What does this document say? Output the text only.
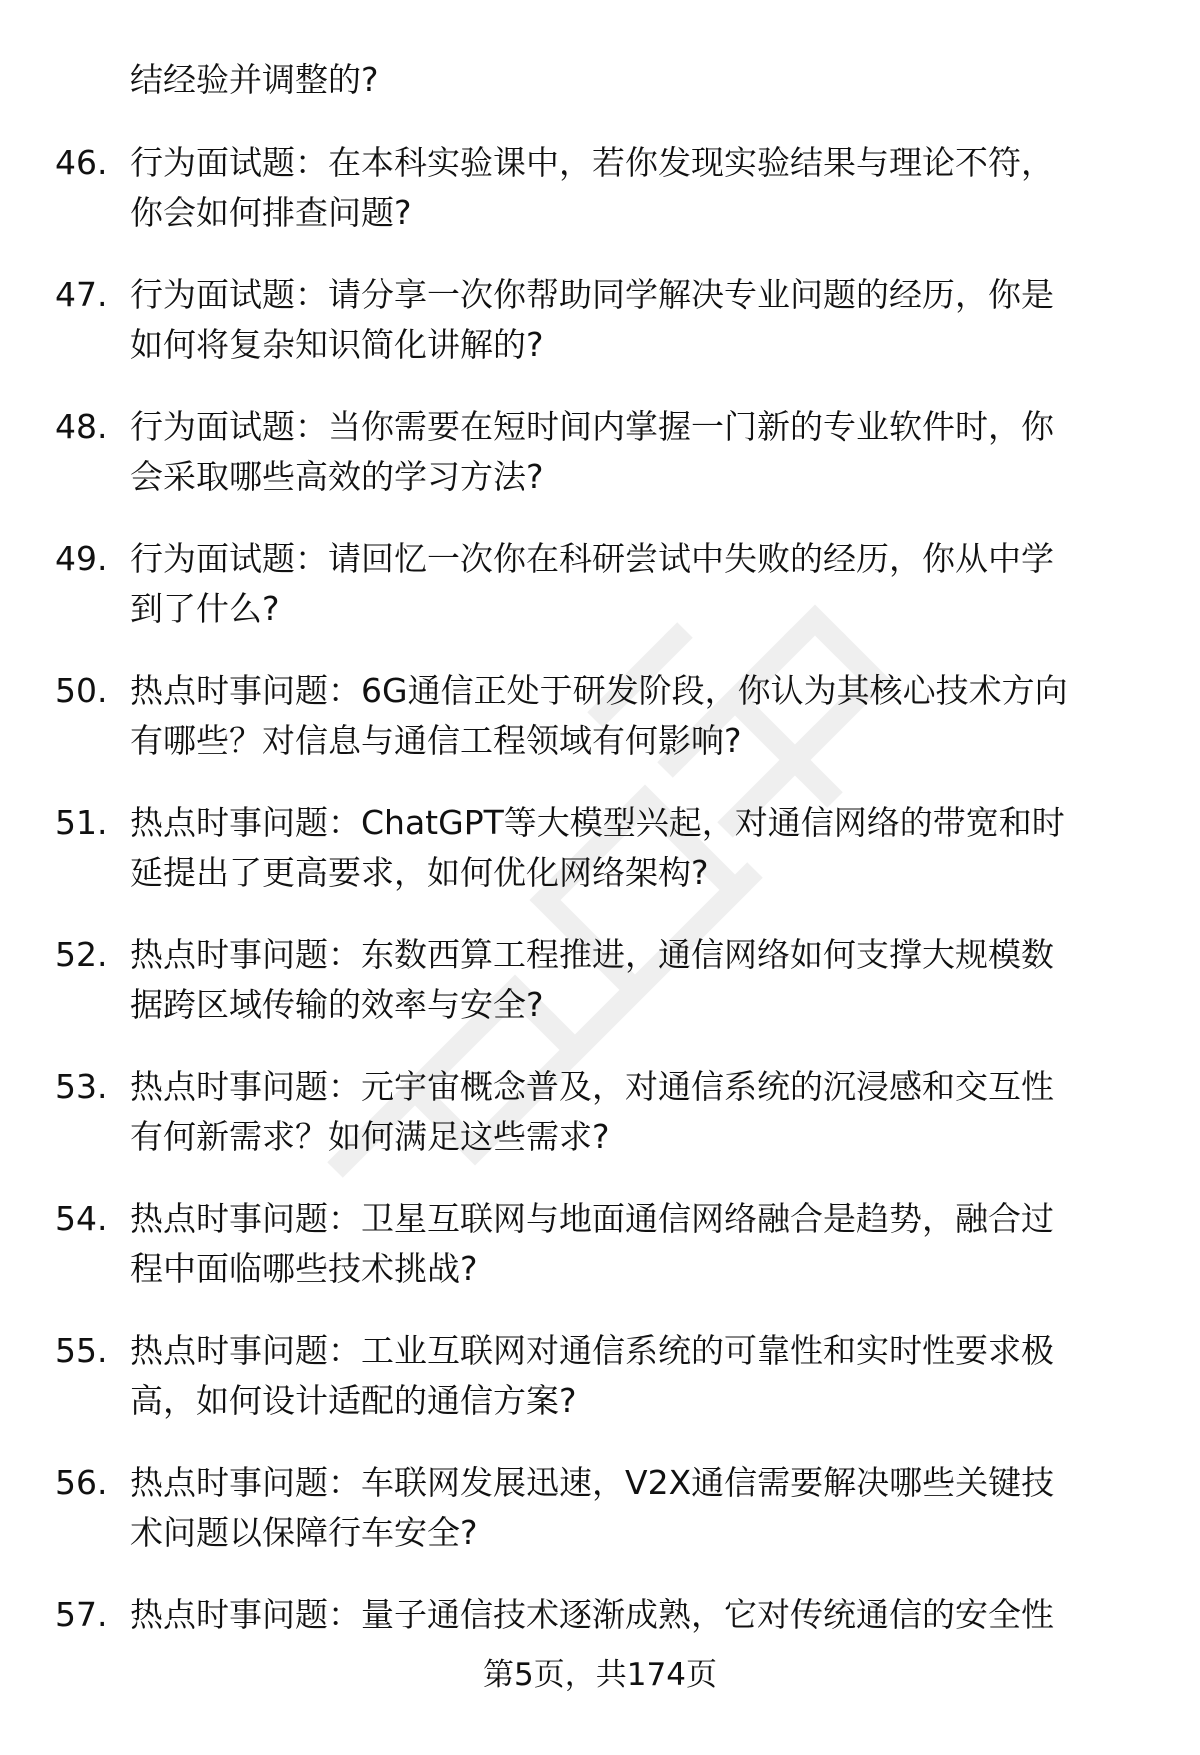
结经验并调整的?
46. 行为面试题：在本科实验课中，若你发现实验结果与理论不符，
你会如何排查问题?
47. 行为面试题：请分享一次你帮助同学解决专业问题的经历，你是
如何将复杂知识简化讲解的?
48. 行为面试题：当你需要在短时间内掌握一门新的专业软件时，你
会采取哪些高效的学习方法?
49. 行为面试题：请回忆一次你在科研尝试中失败的经历，你从中学
到了什么?
50. 热点时事问题：6G通信正处于研发阶段，你认为其核心技术方向
有哪些？对信息与通信工程领域有何影响?
51. 热点时事问题：ChatGPT等大模型兴起，对通信网络的带宽和时
延提出了更高要求，如何优化网络架构?
52. 热点时事问题：东数西算工程推进，通信网络如何支撑大规模数
据跨区域传输的效率与安全?
53. 热点时事问题：元宇宙概念普及，对通信系统的沉浸感和交互性
有何新需求？如何满足这些需求?
54. 热点时事问题：卫星互联网与地面通信网络融合是趋势，融合过
程中面临哪些技术挑战?
55. 热点时事问题：工业互联网对通信系统的可靠性和实时性要求极
高，如何设计适配的通信方案?
56. 热点时事问题：车联网发展迅速，V2X通信需要解决哪些关键技
术问题以保障行车安全?
57. 热点时事问题：量子通信技术逐渐成熟，它对传统通信的安全性
第5页，共174页
